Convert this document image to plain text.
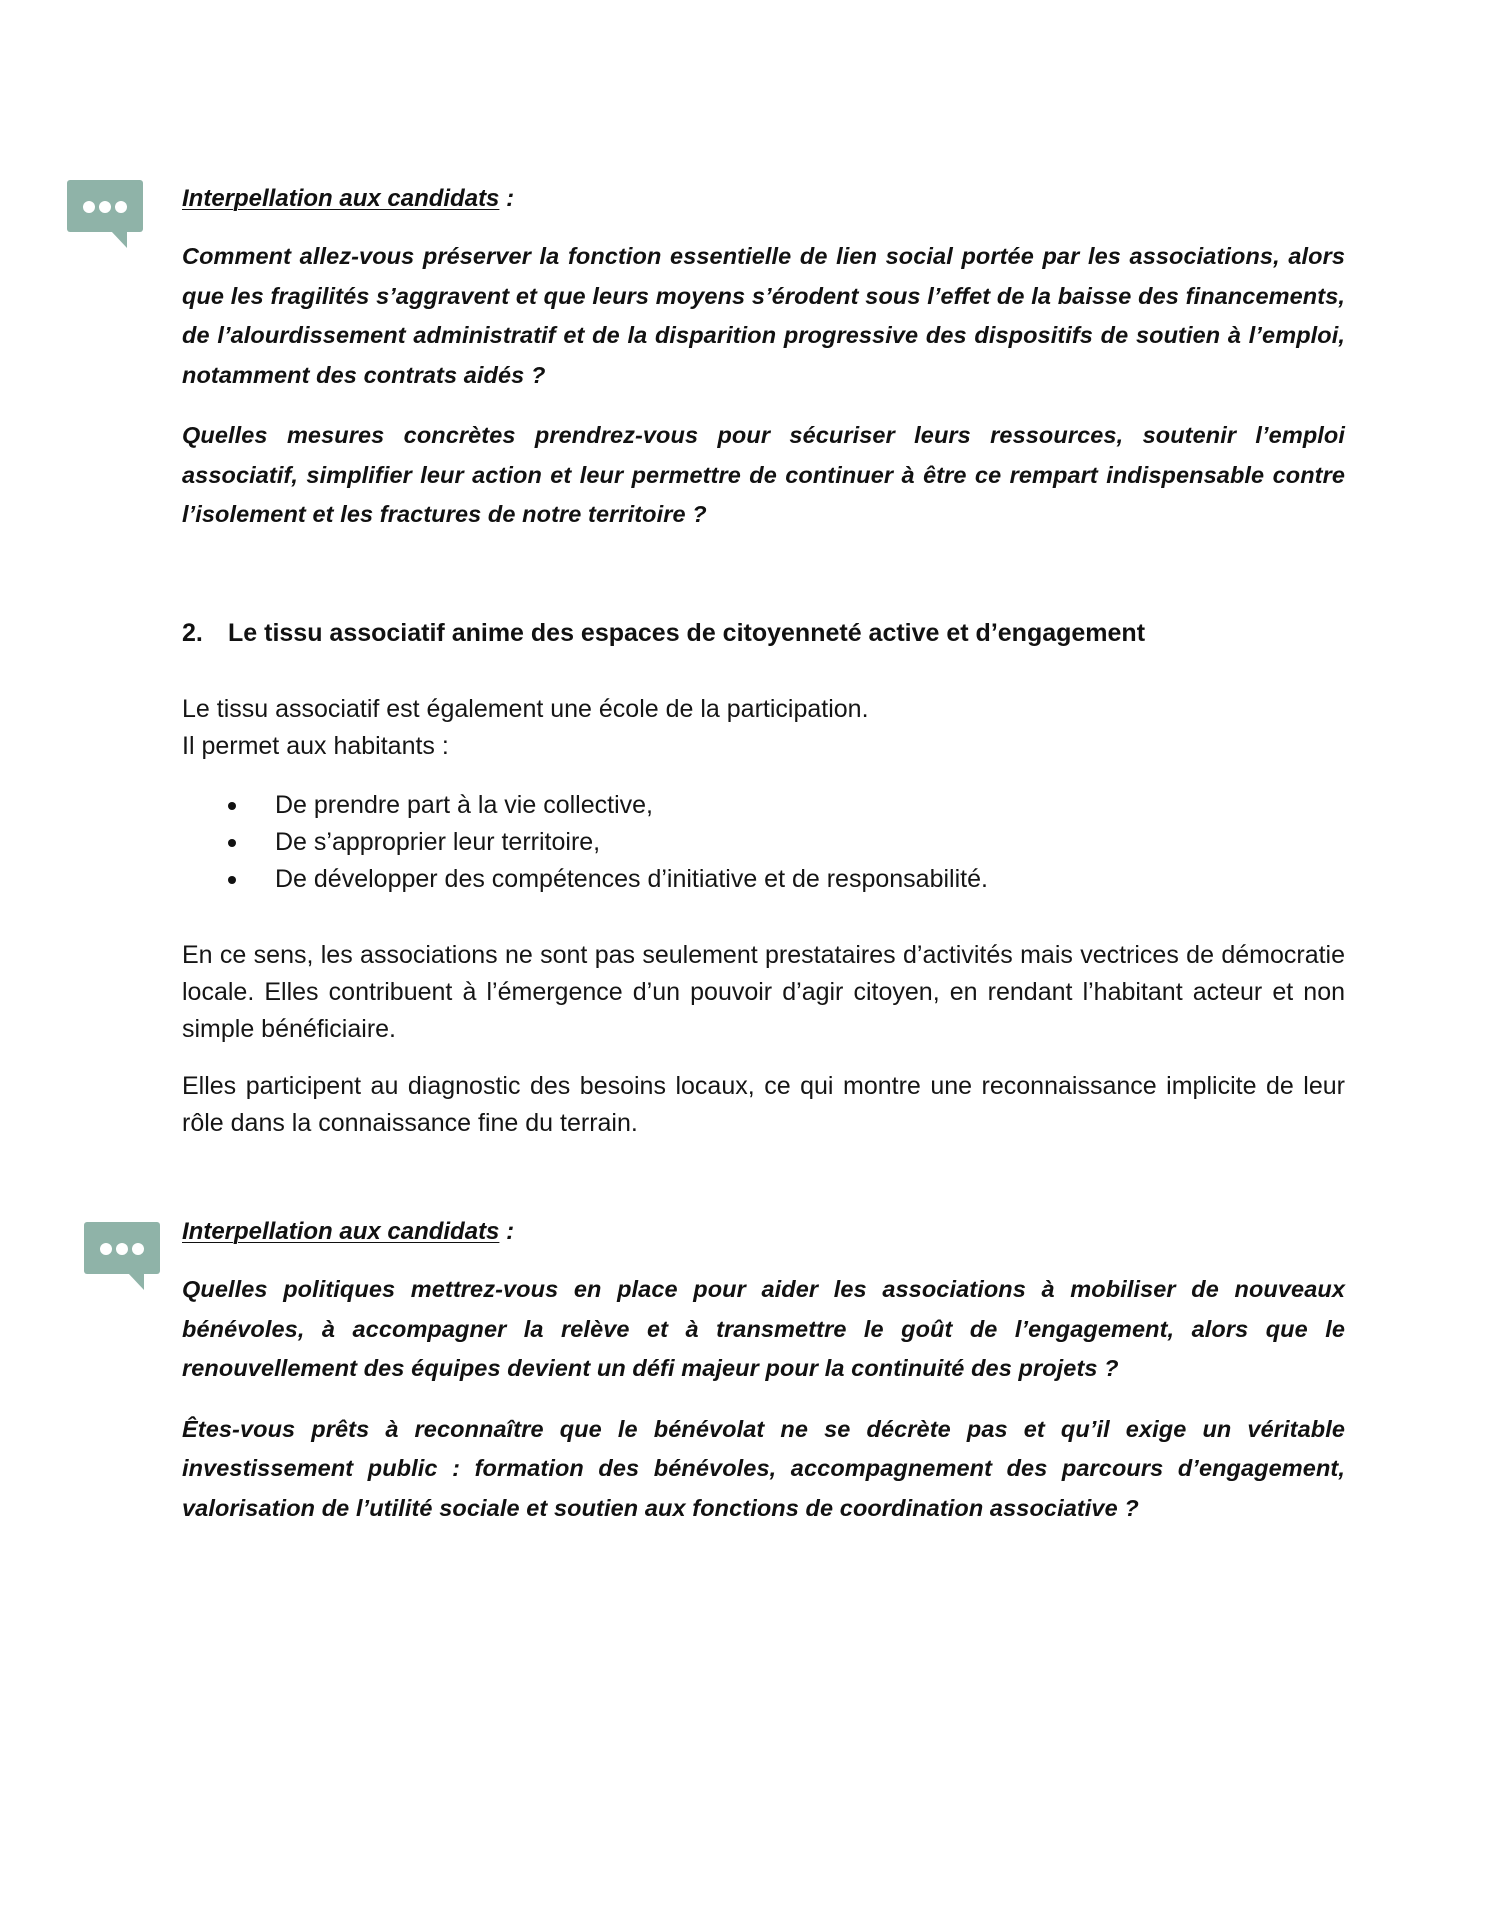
Interpellation aux candidats :

Comment allez-vous préserver la fonction essentielle de lien social portée par les associations, alors que les fragilités s’aggravent et que leurs moyens s’érodent sous l’effet de la baisse des financements, de l’alourdissement administratif et de la disparition progressive des dispositifs de soutien à l’emploi, notamment des contrats aidés ?

Quelles mesures concrètes prendrez-vous pour sécuriser leurs ressources, soutenir l’emploi associatif, simplifier leur action et leur permettre de continuer à être ce rempart indispensable contre l’isolement et les fractures de notre territoire ?

2. Le tissu associatif anime des espaces de citoyenneté active et d’engagement

Le tissu associatif est également une école de la participation.

Il permet aux habitants :

De prendre part à la vie collective,
De s’approprier leur territoire,
De développer des compétences d’initiative et de responsabilité.

En ce sens, les associations ne sont pas seulement prestataires d’activités mais vectrices de démocratie locale. Elles contribuent à l’émergence d’un pouvoir d’agir citoyen, en rendant l’habitant acteur et non simple bénéficiaire.

Elles participent au diagnostic des besoins locaux, ce qui montre une reconnaissance implicite de leur rôle dans la connaissance fine du terrain.

Interpellation aux candidats :

Quelles politiques mettrez-vous en place pour aider les associations à mobiliser de nouveaux bénévoles, à accompagner la relève et à transmettre le goût de l’engagement, alors que le renouvellement des équipes devient un défi majeur pour la continuité des projets ?

Êtes-vous prêts à reconnaître que le bénévolat ne se décrète pas et qu’il exige un véritable investissement public : formation des bénévoles, accompagnement des parcours d’engagement, valorisation de l’utilité sociale et soutien aux fonctions de coordination associative ?
